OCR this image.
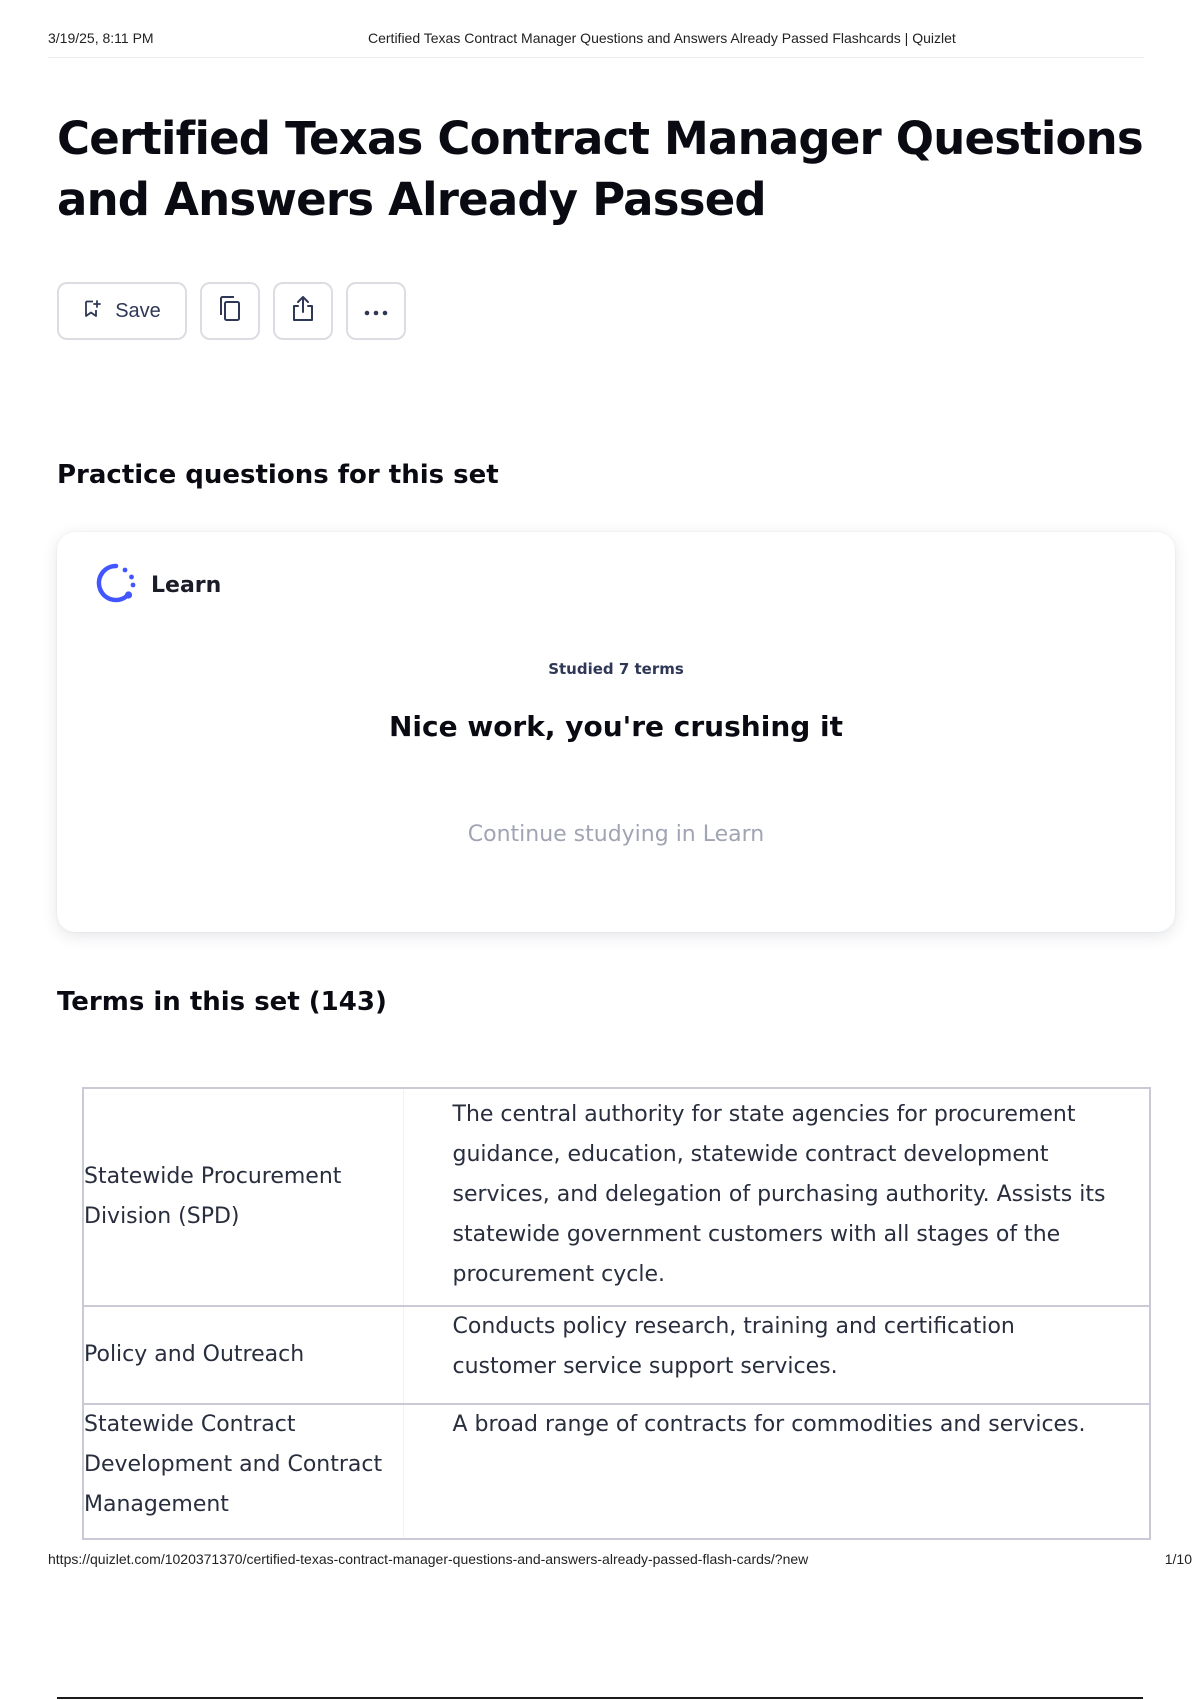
3/19/25, 8:11 PM	Certified Texas Contract Manager Questions and Answers Already Passed Flashcards | Quizlet
Certified Texas Contract Manager Questions and Answers Already Passed
Save
Practice questions for this set
Learn
Studied 7 terms
Nice work, you're crushing it
Continue studying in Learn
Terms in this set (143)
Statewide Procurement Division (SPD)	The central authority for state agencies for procurement guidance, education, statewide contract development services, and delegation of purchasing authority. Assists its statewide government customers with all stages of the procurement cycle.
Policy and Outreach	Conducts policy research, training and certification customer service support services.
Statewide Contract Development and Contract Management	A broad range of contracts for commodities and services.
https://quizlet.com/1020371370/certified-texas-contract-manager-questions-and-answers-already-passed-flash-cards/?new	1/10
